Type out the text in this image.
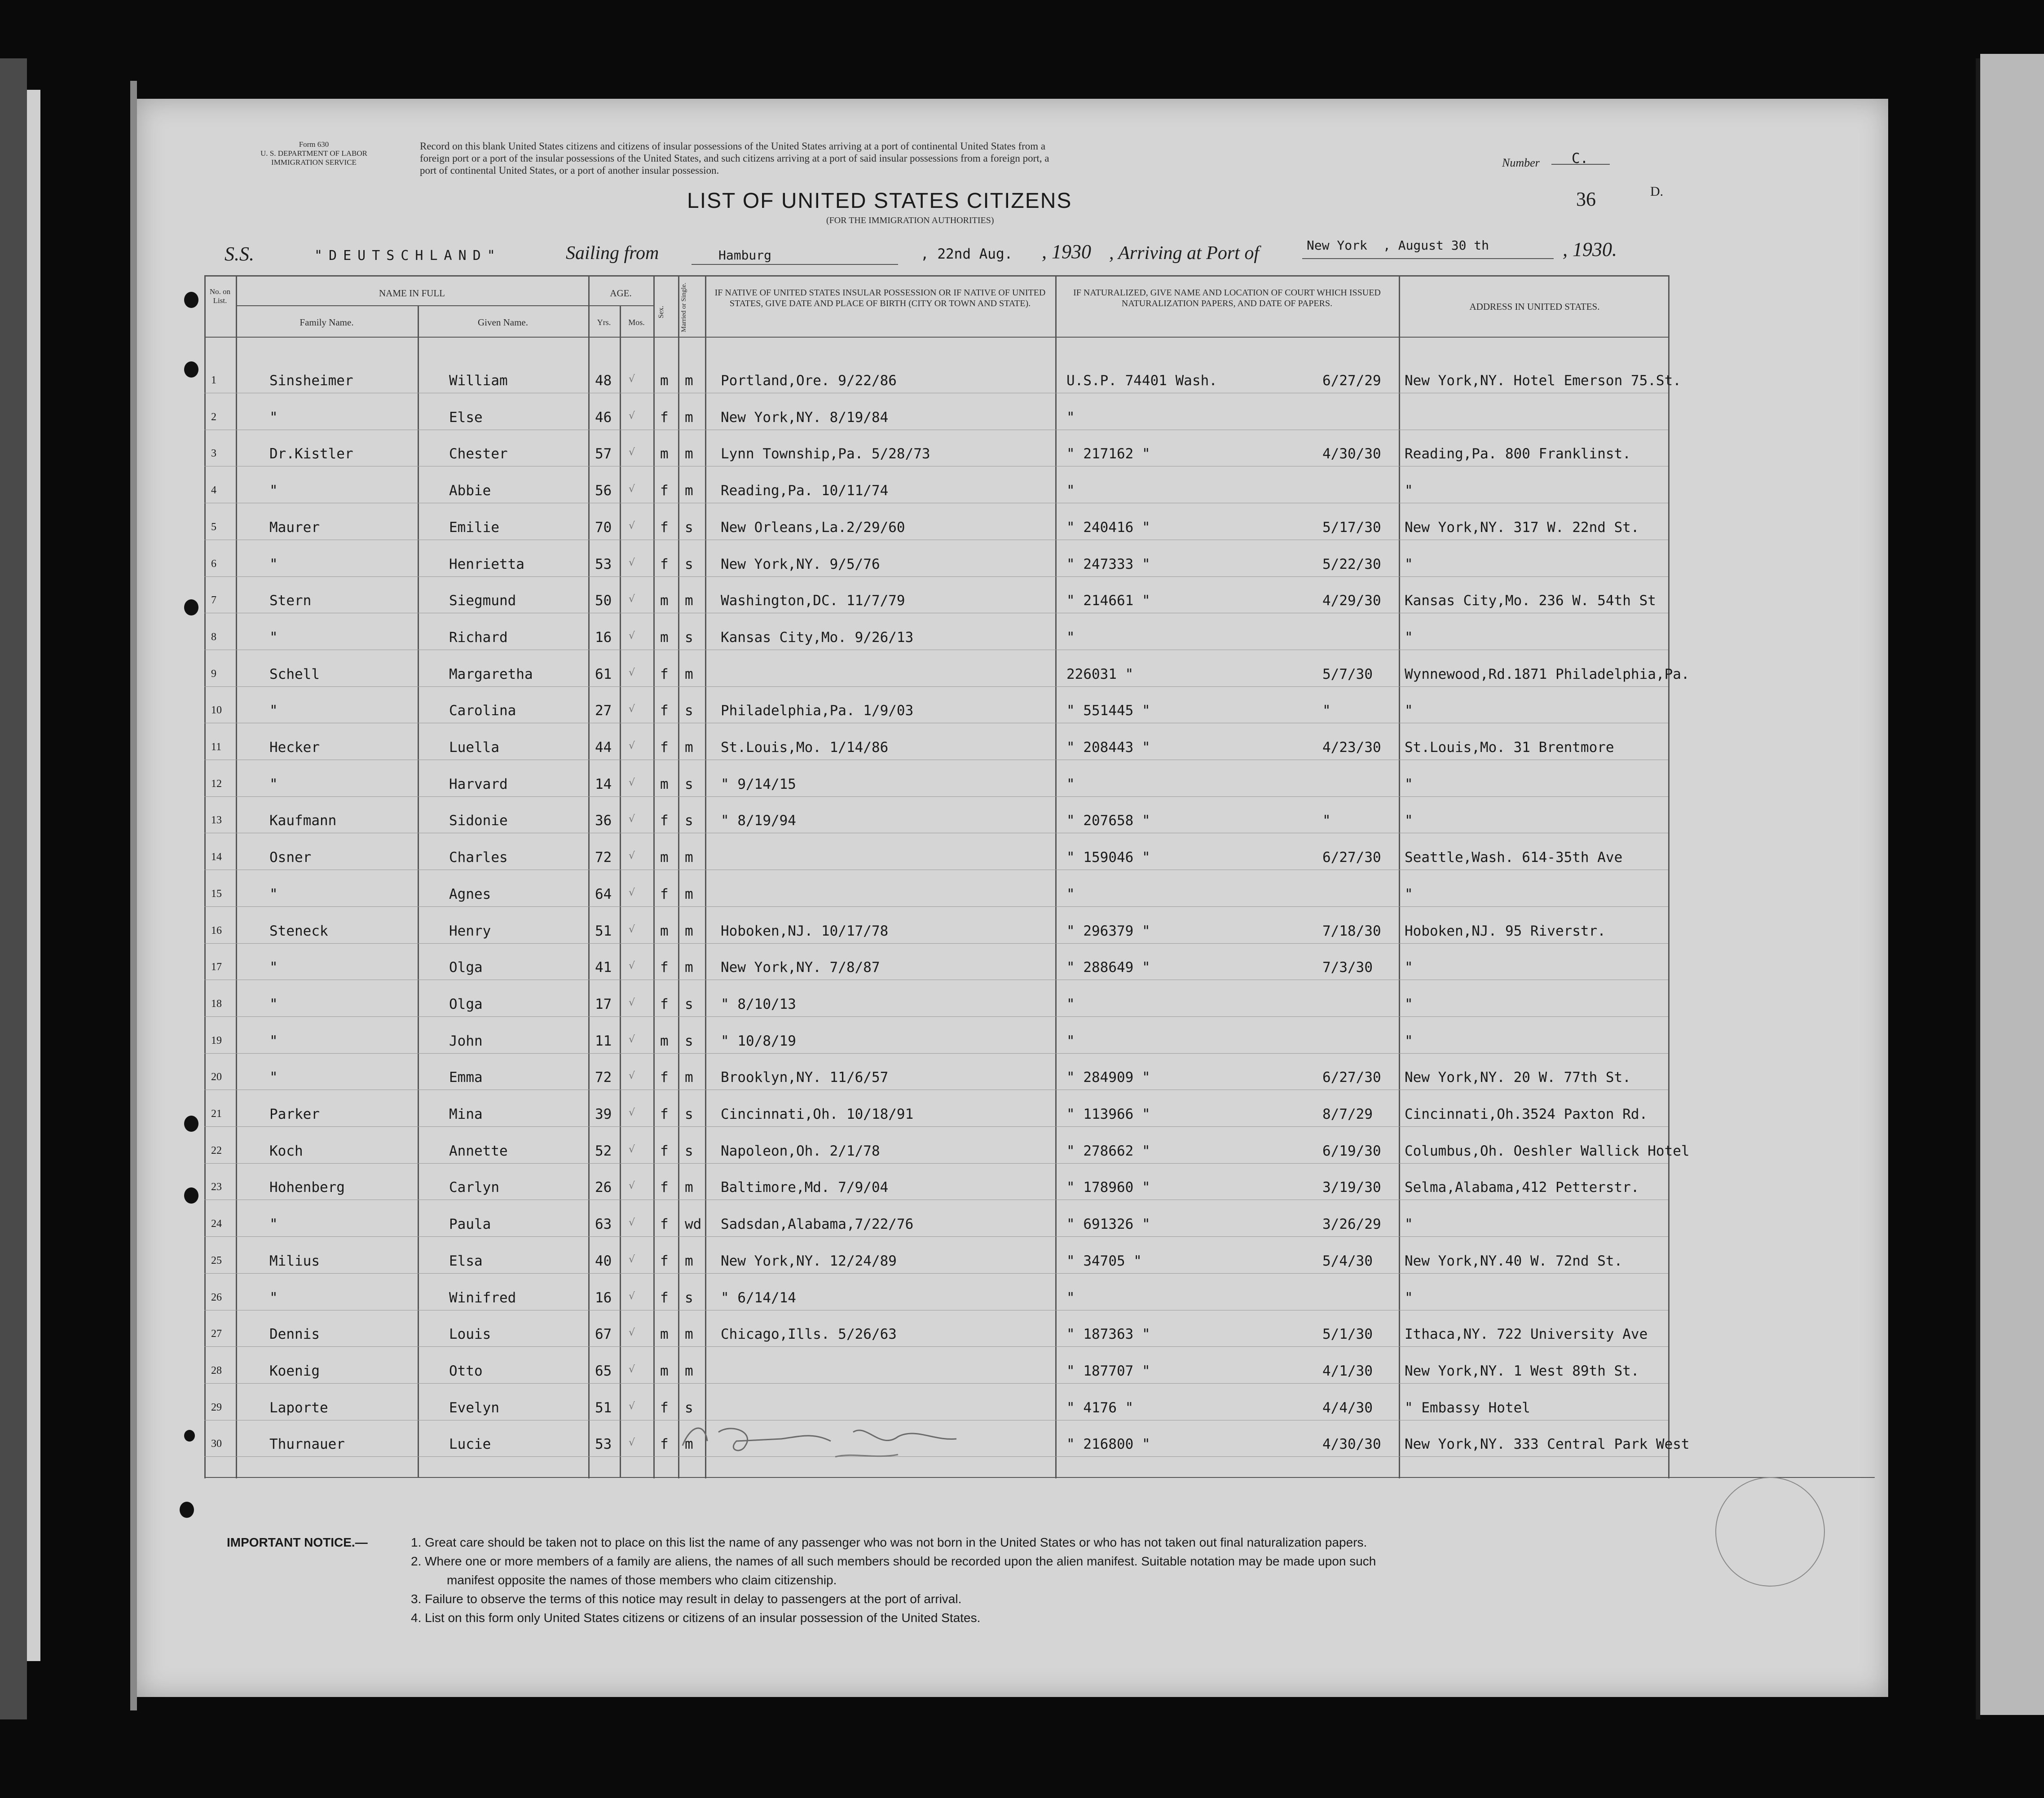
Form 630
U. S. DEPARTMENT OF LABOR
IMMIGRATION SERVICE
Record on this blank United States citizens and citizens of insular possessions of the United States arriving at a port of continental United States from a
foreign port or a port of the insular possessions of the United States, and such citizens arriving at a port of said insular possessions from a foreign port, a
port of continental United States, or a port of another insular possession.
Number C.
LIST OF UNITED STATES CITIZENS
(FOR THE IMMIGRATION AUTHORITIES)
36	D.
S.S.	"DEUTSCHLAND"	Sailing from	Hamburg	, 22nd Aug. , 1930 , Arriving at Port of	New York , August 30 th	, 1930.
No. on List.
NAME IN FULL
Family Name.	Given Name.
AGE.
Yrs.	Mos.
Sex.	Married or Single.	IF NATIVE OF UNITED STATES INSULAR POSSESSION OR IF NATIVE OF UNITED STATES, GIVE DATE AND PLACE OF BIRTH (CITY OR TOWN AND STATE).
IF NATURALIZED, GIVE NAME AND LOCATION OF COURT WHICH ISSUED NATURALIZATION PAPERS, AND DATE OF PAPERS.	ADDRESS IN UNITED STATES.
1	Sinsheimer	William	48	m m Portland,Ore. 9/22/86	U.S.P. 74401 Wash.	6/27/29 New York,NY. Hotel Emerson 75.St.
√
2	"	Else	46	f m New York,NY. 8/19/84	"
√
3	Dr.Kistler	Chester	57	m m Lynn Township,Pa. 5/28/73	" 217162 "	4/30/30 Reading,Pa. 800 Franklinst.
√
4	"	Abbie	56	f m Reading,Pa. 10/11/74	"	"
√
5	Maurer	Emilie	70	f s New Orleans,La.2/29/60	" 240416 "	5/17/30 New York,NY. 317 W. 22nd St.
√
6	"	Henrietta	53	f s New York,NY. 9/5/76	" 247333 "	5/22/30 "
√
7	Stern	Siegmund	50	m m Washington,DC. 11/7/79	" 214661 "	4/29/30 Kansas City,Mo. 236 W. 54th St
√
8	"	Richard	16	m s Kansas City,Mo. 9/26/13	"	"
√
9	Schell	Margaretha	61	f m	226031 "	5/7/30 Wynnewood,Rd.1871 Philadelphia,Pa.
√
10	"	Carolina	27	f s Philadelphia,Pa. 1/9/03	" 551445 "	"	"
√
11	Hecker	Luella	44	f m St.Louis,Mo. 1/14/86	" 208443 "	4/23/30 St.Louis,Mo. 31 Brentmore
√
12	"	Harvard	14	m s " 9/14/15	"	"
√
13	Kaufmann	Sidonie	36	f s " 8/19/94	" 207658 "	"	"
√
14	Osner	Charles	72	m m	" 159046 "	6/27/30 Seattle,Wash. 614-35th Ave
√
15	"	Agnes	64	f m	"	"
√
16	Steneck	Henry	51	m m Hoboken,NJ. 10/17/78	" 296379 "	7/18/30 Hoboken,NJ. 95 Riverstr.
√
17	"	Olga	41	f m New York,NY. 7/8/87	" 288649 "	7/3/30 "
√
18	"	Olga	17	f s " 8/10/13	"	"
√
19	"	John	11	m s " 10/8/19	"	"
√
20	"	Emma	72	f m Brooklyn,NY. 11/6/57	" 284909 "	6/27/30 New York,NY. 20 W. 77th St.
√
21	Parker	Mina	39	f s Cincinnati,Oh. 10/18/91	" 113966 "	8/7/29 Cincinnati,Oh.3524 Paxton Rd.
√
22	Koch	Annette	52	f s Napoleon,Oh. 2/1/78	" 278662 "	6/19/30 Columbus,Oh. Oeshler Wallick Hotel
√
23	Hohenberg	Carlyn	26	f m Baltimore,Md. 7/9/04	" 178960 "	3/19/30 Selma,Alabama,412 Petterstr.
√
24	"	Paula	63	f wd Sadsdan,Alabama,7/22/76	" 691326 "	3/26/29 "
√
25	Milius	Elsa	40	f m New York,NY. 12/24/89	" 34705 "	5/4/30 New York,NY.40 W. 72nd St.
√
26	"	Winifred	16	f s " 6/14/14	"	"
√
27	Dennis	Louis	67	m m Chicago,Ills. 5/26/63	" 187363 "	5/1/30 Ithaca,NY. 722 University Ave
√
28	Koenig	Otto	65	m m	" 187707 "	4/1/30 New York,NY. 1 West 89th St.
√
29	Laporte	Evelyn	51	f s	" 4176 "	4/4/30 " Embassy Hotel
√
30	Thurnauer	Lucie	53	f m	" 216800 "	4/30/30 New York,NY. 333 Central Park West
√
IMPORTANT NOTICE.—	1. Great care should be taken not to place on this list the name of any passenger who was not born in the United States or who has not taken out final naturalization papers.
2. Where one or more members of a family are aliens, the names of all such members should be recorded upon the alien manifest. Suitable notation may be made upon such
manifest opposite the names of those members who claim citizenship.
3. Failure to observe the terms of this notice may result in delay to passengers at the port of arrival.
4. List on this form only United States citizens or citizens of an insular possession of the United States.
